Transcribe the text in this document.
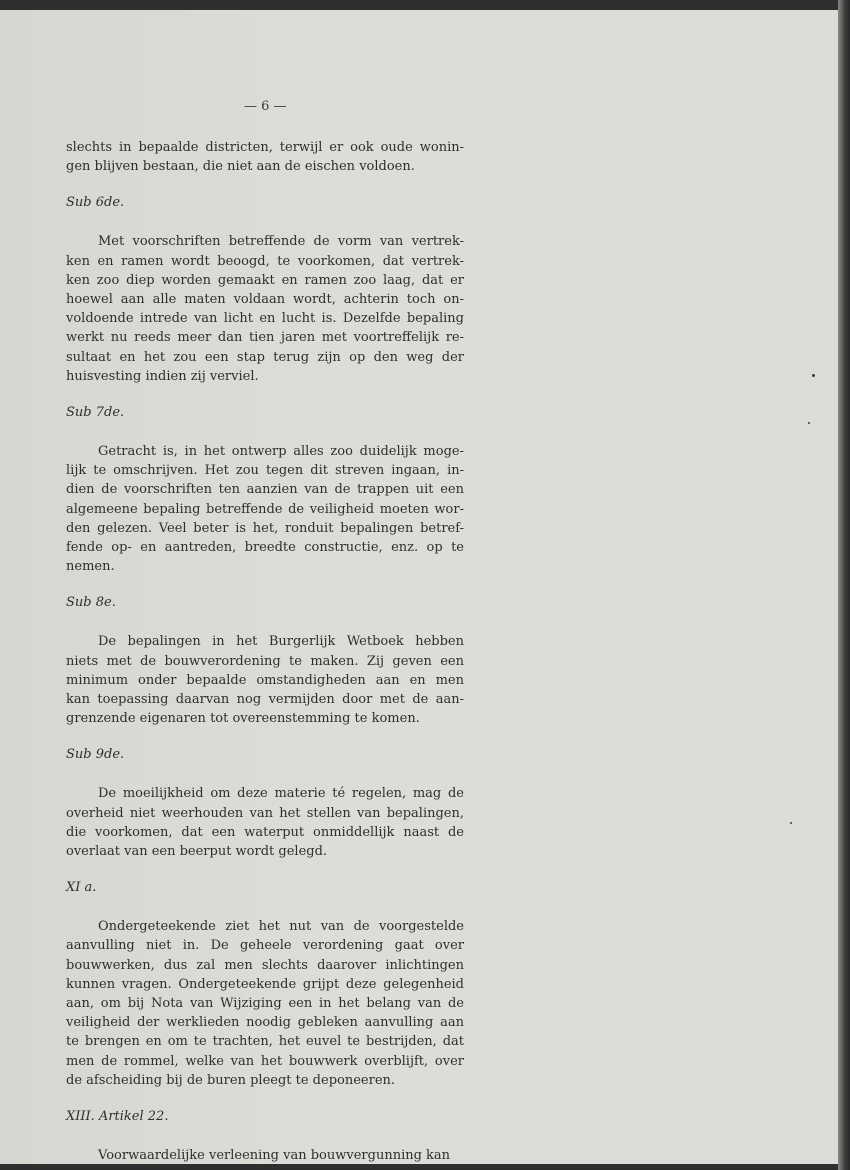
— 6 —
slechts in bepaalde districten, terwijl er ook oude wonin-
gen blijven bestaan, die niet aan de eischen voldoen.
Sub 6de.
Met voorschriften betreffende de vorm van vertrek-
ken en ramen wordt beoogd, te voorkomen, dat vertrek-
ken zoo diep worden gemaakt en ramen zoo laag, dat er
hoewel aan alle maten voldaan wordt, achterin toch on-
voldoende intrede van licht en lucht is. Dezelfde bepaling
werkt nu reeds meer dan tien jaren met voortreffelijk re-
sultaat en het zou een stap terug zijn op den weg der
huisvesting indien zij verviel.
Sub 7de.
Getracht is, in het ontwerp alles zoo duidelijk moge-
lijk te omschrijven. Het zou tegen dit streven ingaan, in-
dien de voorschriften ten aanzien van de trappen uit een
algemeene bepaling betreffende de veiligheid moeten wor-
den gelezen. Veel beter is het, ronduit bepalingen betref-
fende op- en aantreden, breedte constructie, enz. op te
nemen.
Sub 8e.
De bepalingen in het Burgerlijk Wetboek hebben
niets met de bouwverordening te maken. Zij geven een
minimum onder bepaalde omstandigheden aan en men
kan toepassing daarvan nog vermijden door met de aan-
grenzende eigenaren tot overeenstemming te komen.
Sub 9de.
De moeilijkheid om deze materie té regelen, mag de
overheid niet weerhouden van het stellen van bepalingen,
die voorkomen, dat een waterput onmiddellijk naast de
overlaat van een beerput wordt gelegd.
XI a.
Ondergeteekende ziet het nut van de voorgestelde
aanvulling niet in. De geheele verordening gaat over
bouwwerken, dus zal men slechts daarover inlichtingen
kunnen vragen. Ondergeteekende grijpt deze gelegenheid
aan, om bij Nota van Wijziging een in het belang van de
veiligheid der werklieden noodig gebleken aanvulling aan
te brengen en om te trachten, het euvel te bestrijden, dat
men de rommel, welke van het bouwwerk overblijft, over
de afscheiding bij de buren pleegt te deponeeren.
XIII. Artikel 22.
Voorwaardelijke verleening van bouwvergunning kan
